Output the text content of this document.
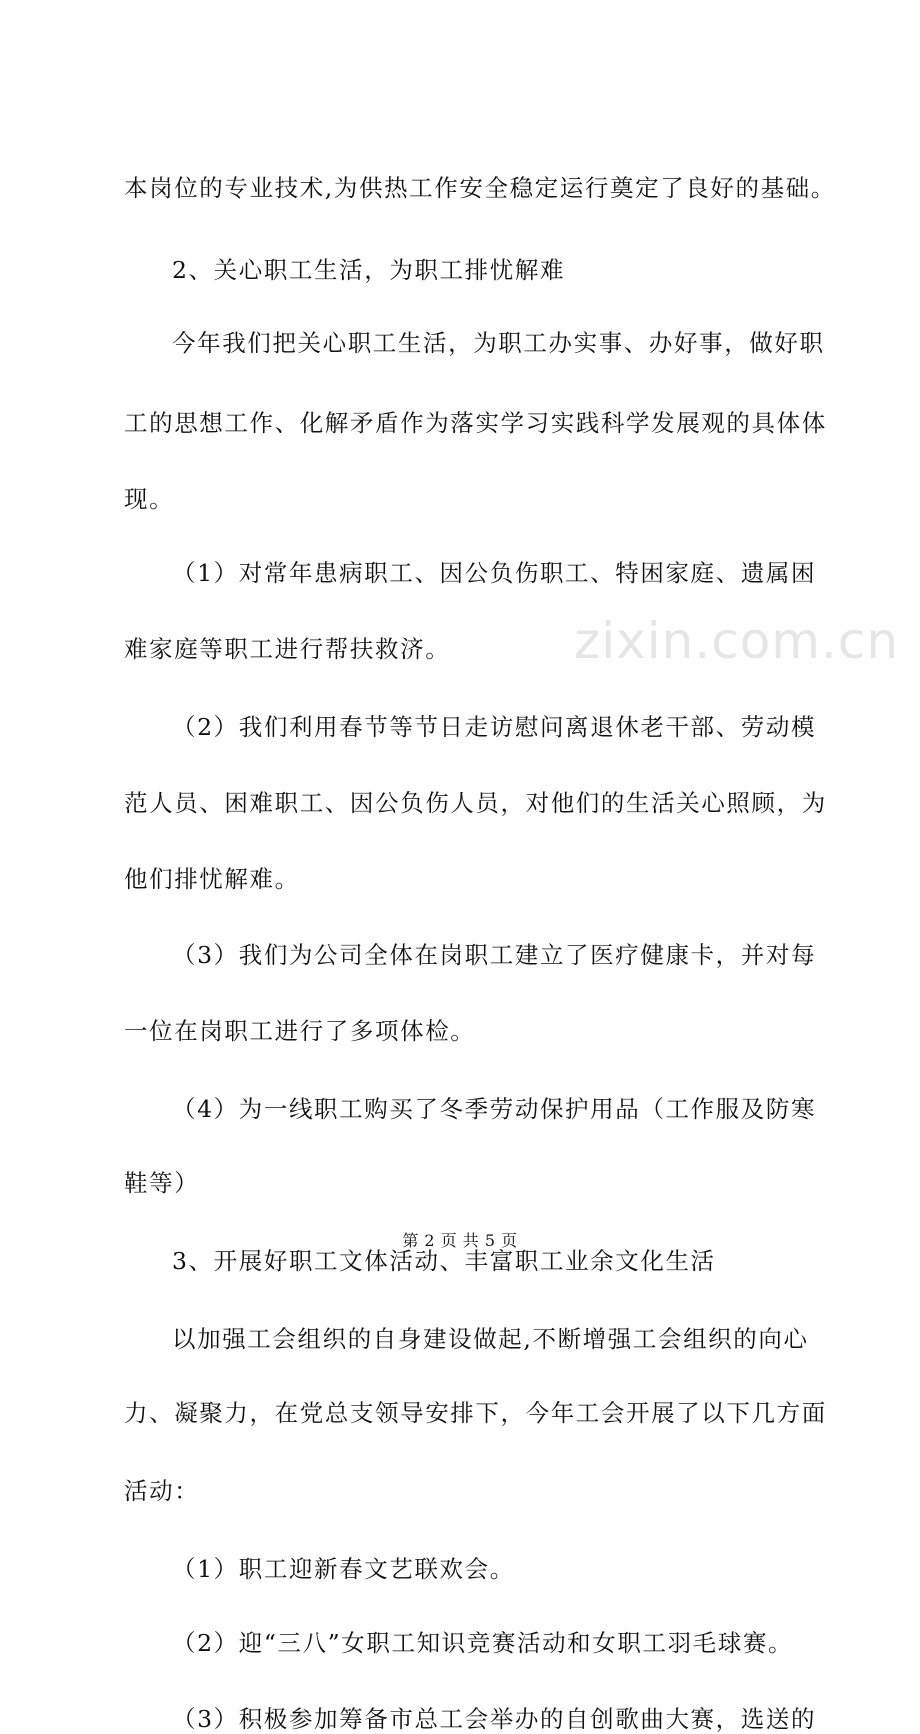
zixin.com.cn
本岗位的专业技术,为供热工作安全稳定运行奠定了良好的基础。
2、关心职工生活，为职工排忧解难
今年我们把关心职工生活，为职工办实事、办好事，做好职
工的思想工作、化解矛盾作为落实学习实践科学发展观的具体体
现。
（1）对常年患病职工、因公负伤职工、特困家庭、遗属困
难家庭等职工进行帮扶救济。
（2）我们利用春节等节日走访慰问离退休老干部、劳动模
范人员、困难职工、因公负伤人员，对他们的生活关心照顾，为
他们排忧解难。
（3）我们为公司全体在岗职工建立了医疗健康卡，并对每
一位在岗职工进行了多项体检。
（4）为一线职工购买了冬季劳动保护用品（工作服及防寒
鞋等）
3、开展好职工文体活动、丰富职工业余文化生活
以加强工会组织的自身建设做起,不断增强工会组织的向心
力、凝聚力，在党总支领导安排下，今年工会开展了以下几方面
活动：
（1）职工迎新春文艺联欢会。
（2）迎“三八”女职工知识竞赛活动和女职工羽毛球赛。
（3）积极参加筹备市总工会举办的自创歌曲大赛，选送的
第 2 页 共 5 页
